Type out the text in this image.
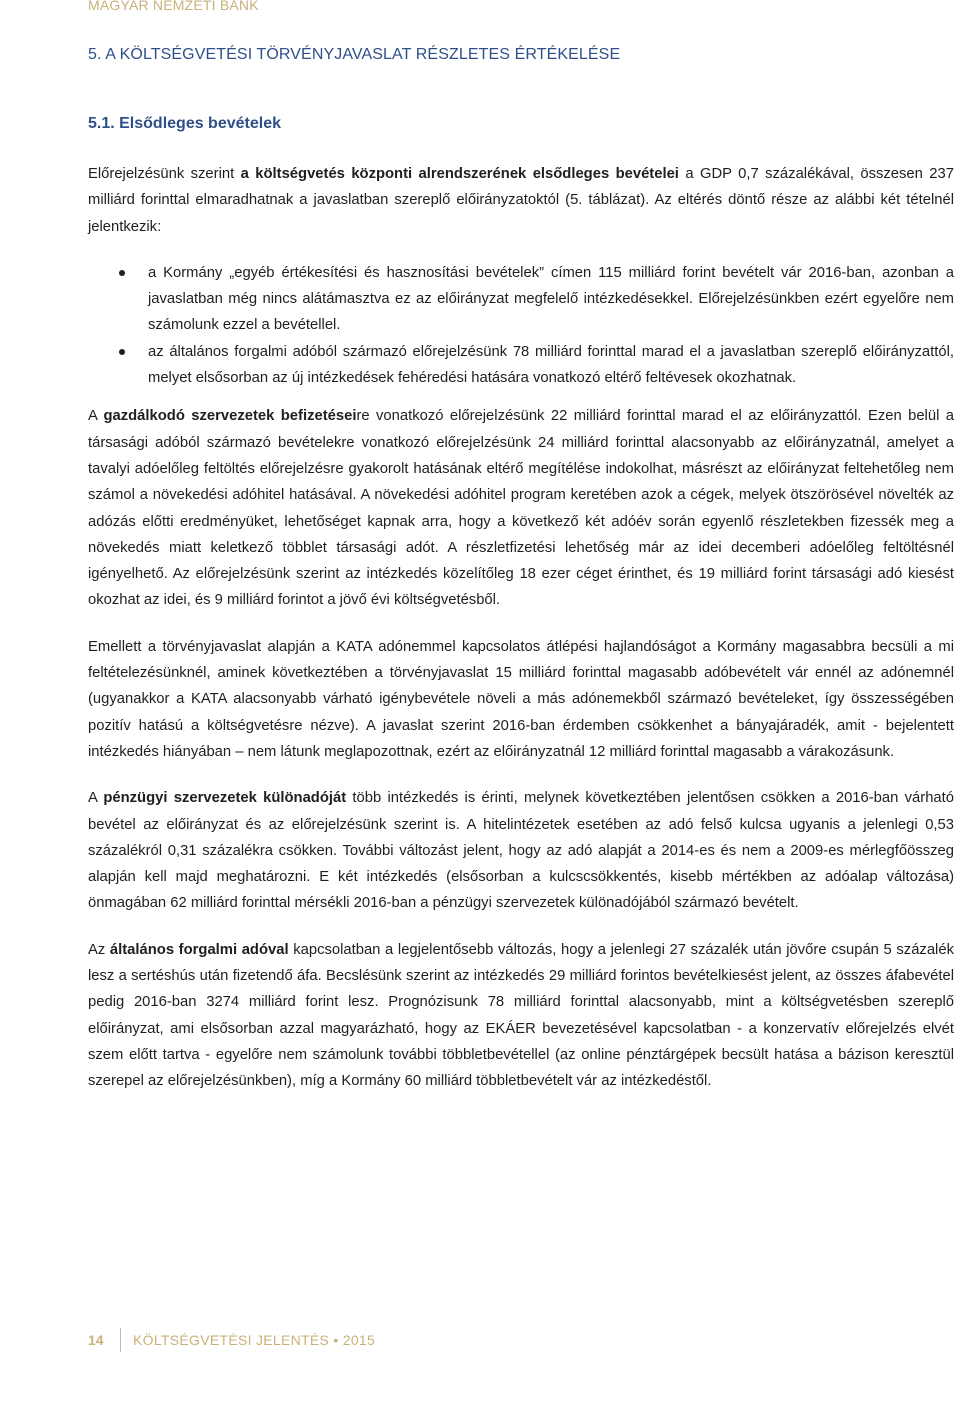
MAGYAR NEMZETI BANK
5. A KÖLTSÉGVETÉSI TÖRVÉNYJAVASLAT RÉSZLETES ÉRTÉKELÉSE
5.1. Elsődleges bevételek

Előrejelzésünk szerint a költségvetés központi alrendszerének elsődleges bevételei a GDP 0,7 százalékával, összesen 237 milliárd forinttal elmaradhatnak a javaslatban szereplő előirányzatoktól (5. táblázat). Az eltérés döntő része az alábbi két tételnél jelentkezik:

a Kormány „egyéb értékesítési és hasznosítási bevételek” címen 115 milliárd forint bevételt vár 2016-ban, azonban a javaslatban még nincs alátámasztva ez az előirányzat megfelelő intézkedésekkel. Előrejelzésünkben ezért egyelőre nem számolunk ezzel a bevétellel.
az általános forgalmi adóból származó előrejelzésünk 78 milliárd forinttal marad el a javaslatban szereplő előirányzattól, melyet elsősorban az új intézkedések fehéredési hatására vonatkozó eltérő feltévesek okozhatnak.

A gazdálkodó szervezetek befizetéseire vonatkozó előrejelzésünk 22 milliárd forinttal marad el az előirányzattól. Ezen belül a társasági adóból származó bevételekre vonatkozó előrejelzésünk 24 milliárd forinttal alacsonyabb az előirányzatnál, amelyet a tavalyi adóelőleg feltöltés előrejelzésre gyakorolt hatásának eltérő megítélése indokolhat, másrészt az előirányzat feltehetőleg nem számol a növekedési adóhitel hatásával. A növekedési adóhitel program keretében azok a cégek, melyek ötszörösével növelték az adózás előtti eredményüket, lehetőséget kapnak arra, hogy a következő két adóév során egyenlő részletekben fizessék meg a növekedés miatt keletkező többlet társasági adót. A részletfizetési lehetőség már az idei decemberi adóelőleg feltöltésnél igényelhető. Az előrejelzésünk szerint az intézkedés közelítőleg 18 ezer céget érinthet, és 19 milliárd forint társasági adó kiesést okozhat az idei, és 9 milliárd forintot a jövő évi költségvetésből.

Emellett a törvényjavaslat alapján a KATA adónemmel kapcsolatos átlépési hajlandóságot a Kormány magasabbra becsüli a mi feltételezésünknél, aminek következtében a törvényjavaslat 15 milliárd forinttal magasabb adóbevételt vár ennél az adónemnél (ugyanakkor a KATA alacsonyabb várható igénybevétele növeli a más adónemekből származó bevételeket, így összességében pozitív hatású a költségvetésre nézve). A javaslat szerint 2016-ban érdemben csökkenhet a bányajáradék, amit - bejelentett intézkedés hiányában – nem látunk meglapozottnak, ezért az előirányzatnál 12 milliárd forinttal magasabb a várakozásunk.

A pénzügyi szervezetek különadóját több intézkedés is érinti, melynek következtében jelentősen csökken a 2016-ban várható bevétel az előirányzat és az előrejelzésünk szerint is. A hitelintézetek esetében az adó felső kulcsa ugyanis a jelenlegi 0,53 százalékról 0,31 százalékra csökken. További változást jelent, hogy az adó alapját a 2014-es és nem a 2009-es mérlegfőösszeg alapján kell majd meghatározni. E két intézkedés (elsősorban a kulcscsökkentés, kisebb mértékben az adóalap változása) önmagában 62 milliárd forinttal mérsékli 2016-ban a pénzügyi szervezetek különadójából származó bevételt.

Az általános forgalmi adóval kapcsolatban a legjelentősebb változás, hogy a jelenlegi 27 százalék után jövőre csupán 5 százalék lesz a sertéshús után fizetendő áfa. Becslésünk szerint az intézkedés 29 milliárd forintos bevételkiesést jelent, az összes áfabevétel pedig 2016-ban 3274 milliárd forint lesz. Prognózisunk 78 milliárd forinttal alacsonyabb, mint a költségvetésben szereplő előirányzat, ami elsősorban azzal magyarázható, hogy az EKÁER bevezetésével kapcsolatban - a konzervatív előrejelzés elvét szem előtt tartva - egyelőre nem számolunk további többletbevétellel (az online pénztárgépek becsült hatása a bázison keresztül szerepel az előrejelzésünkben), míg a Kormány 60 milliárd többletbevételt vár az intézkedéstől.

14	KÖLTSÉGVETÉSI JELENTÉS • 2015
